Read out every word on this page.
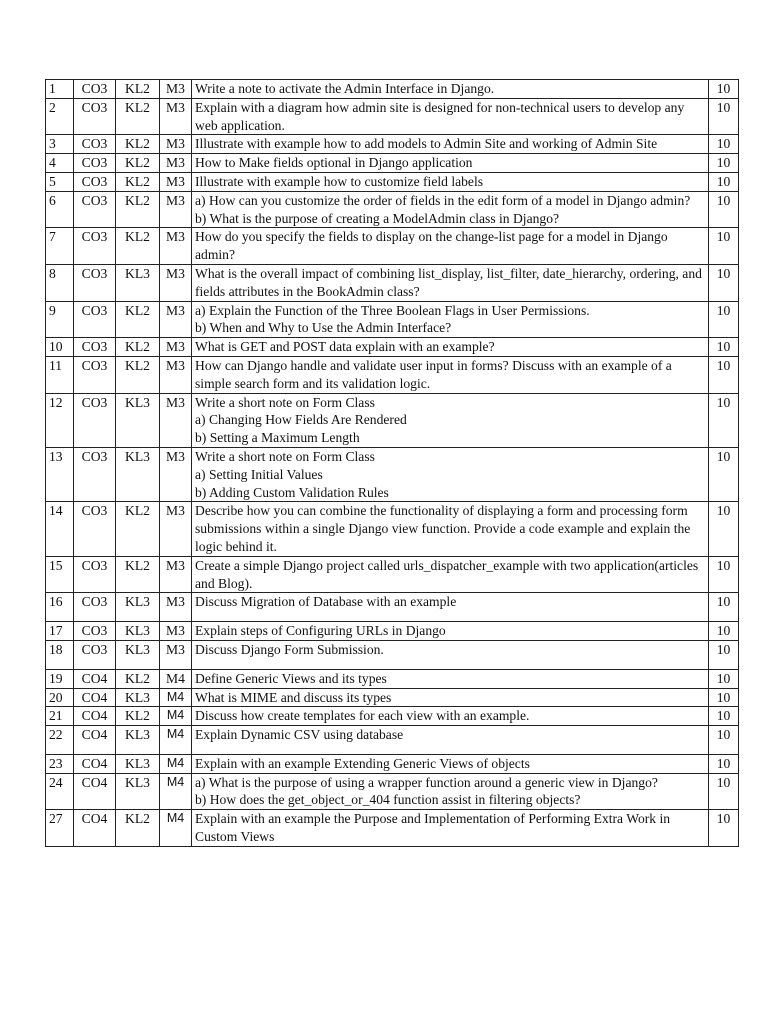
1	CO3	KL2	M3	Write a note to activate the Admin Interface in Django.	10
2	CO3	KL2	M3	Explain with a diagram how admin site is designed for non-technical users to develop any web application.	10
3	CO3	KL2	M3	Illustrate with example how to add models to Admin Site and working of Admin Site	10
4	CO3	KL2	M3	How to Make fields optional in Django application	10
5	CO3	KL2	M3	Illustrate with example how to customize field labels	10
6	CO3	KL2	M3	a) How can you customize the order of fields in the edit form of a model in Django admin?
b) What is the purpose of creating a ModelAdmin class in Django?	10
7	CO3	KL2	M3	How do you specify the fields to display on the change-list page for a model in Django admin?	10
8	CO3	KL3	M3	What is the overall impact of combining list_display, list_filter, date_hierarchy, ordering, and fields attributes in the BookAdmin class?	10
9	CO3	KL2	M3	a) Explain the Function of the Three Boolean Flags in User Permissions.
b) When and Why to Use the Admin Interface?	10
10	CO3	KL2	M3	What is GET and POST data explain with an example?	10
11	CO3	KL2	M3	How can Django handle and validate user input in forms? Discuss with an example of a simple search form and its validation logic.	10
12	CO3	KL3	M3	Write a short note on Form Class
a) Changing How Fields Are Rendered
b) Setting a Maximum Length	10
13	CO3	KL3	M3	Write a short note on Form Class
a) Setting Initial Values
b) Adding Custom Validation Rules	10
14	CO3	KL2	M3	Describe how you can combine the functionality of displaying a form and processing form submissions within a single Django view function. Provide a code example and explain the logic behind it.	10
15	CO3	KL2	M3	Create a simple Django project called urls_dispatcher_example with two application(articles and Blog).	10
16	CO3	KL3	M3	Discuss Migration of Database with an example	10
17	CO3	KL3	M3	Explain steps of Configuring URLs in Django	10
18	CO3	KL3	M3	Discuss Django Form Submission.	10
19	CO4	KL2	M4	Define Generic Views and its types	10
20	CO4	KL3	M4	What is MIME and discuss its types	10
21	CO4	KL2	M4	Discuss how create templates for each view with an example.	10
22	CO4	KL3	M4	Explain Dynamic CSV using database	10
23	CO4	KL3	M4	Explain with an example Extending Generic Views of objects	10
24	CO4	KL3	M4	a) What is the purpose of using a wrapper function around a generic view in Django?
b) How does the get_object_or_404 function assist in filtering objects?	10
27	CO4	KL2	M4	Explain with an example the Purpose and Implementation of Performing Extra Work in Custom Views	10
